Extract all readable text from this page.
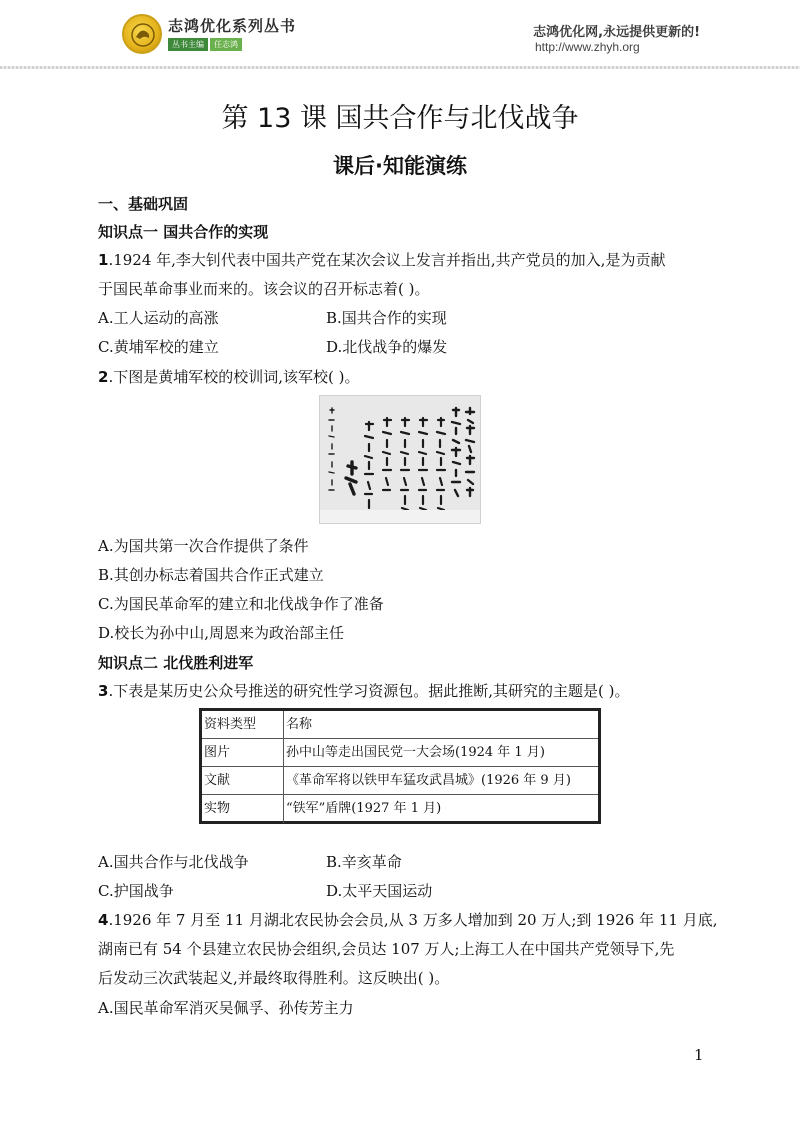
志鸿优化系列丛书
丛书主编	任志鸿
志鸿优化网,永远提供更新的!
http://www.zhyh.org
第 13 课 国共合作与北伐战争
课后·知能演练
一、基础巩固
知识点一 国共合作的实现
1.1924 年,李大钊代表中国共产党在某次会议上发言并指出,共产党员的加入,是为贡献
于国民革命事业而来的。该会议的召开标志着( )。
A.工人运动的高涨	B.国共合作的实现
C.黄埔军校的建立	D.北伐战争的爆发
2.下图是黄埔军校的校训词,该军校( )。
A.为国共第一次合作提供了条件
B.其创办标志着国共合作正式建立
C.为国民革命军的建立和北伐战争作了准备
D.校长为孙中山,周恩来为政治部主任
知识点二 北伐胜利进军
3.下表是某历史公众号推送的研究性学习资源包。据此推断,其研究的主题是( )。
资料类型	名称
图片	孙中山等走出国民党一大会场(1924 年 1 月)
文献	《革命军将以铁甲车猛攻武昌城》(1926 年 9 月)
实物	“铁军”盾牌(1927 年 1 月)
A.国共合作与北伐战争	B.辛亥革命
C.护国战争	D.太平天国运动
4.1926 年 7 月至 11 月湖北农民协会会员,从 3 万多人增加到 20 万人;到 1926 年 11 月底,
湖南已有 54 个县建立农民协会组织,会员达 107 万人;上海工人在中国共产党领导下,先
后发动三次武装起义,并最终取得胜利。这反映出( )。
A.国民革命军消灭吴佩孚、孙传芳主力
1
